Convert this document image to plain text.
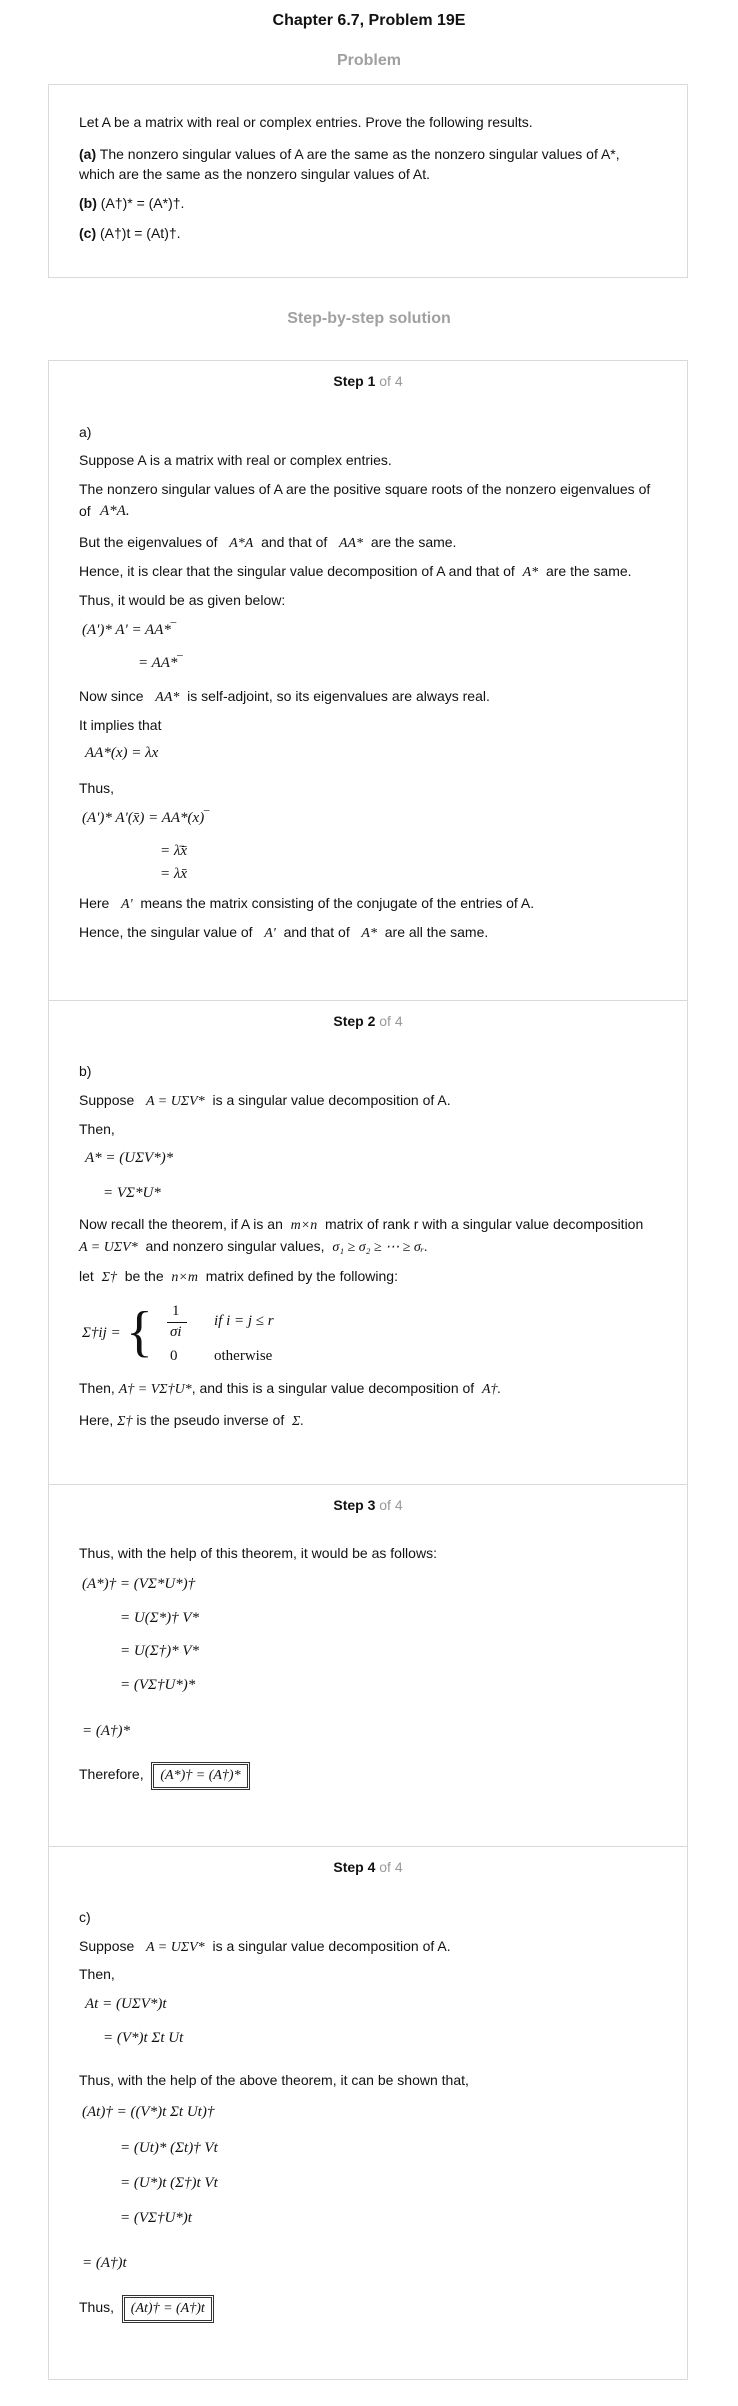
Chapter 6.7, Problem 19E
Problem
Let A be a matrix with real or complex entries. Prove the following results.
(a) The nonzero singular values of A are the same as the nonzero singular values of A*, which are the same as the nonzero singular values of At.
(b) (A†)* = (A*)†.
(c) (A†)t = (At)†.
Step-by-step solution
Step 1 of 4
a)
Suppose A is a matrix with real or complex entries.
The nonzero singular values of A are the positive square roots of the nonzero eigenvalues of
A*A.
of
But the eigenvalues of A*A and that of AA* are the same.
Hence, it is clear that the singular value decomposition of A and that of A* are the same.
Thus, it would be as given below:
(A')* A' = AA*‾
= AA*‾
Now since AA* is self-adjoint, so its eigenvalues are always real.
It implies that
AA*(x) = λx
Thus,
(A')* A'(x̄) = AA*(x)‾
= λ̄x̄
= λx̄
Here A' means the matrix consisting of the conjugate of the entries of A.
Hence, the singular value of A' and that of A* are all the same.
Step 2 of 4
b)
Suppose A = UΣV* is a singular value decomposition of A.
Then,
A* = (UΣV*)*
= VΣ*U*
Now recall the theorem, if A is an m×n matrix of rank r with a singular value decomposition
A = UΣV* and nonzero singular values, σ₁ ≥ σ₂ ≥ ⋯ ≥ σᵣ.
let Σ† be the n×m matrix defined by the following:
Σ†ij = { 1
σi
if i = j ≤ r
0 otherwise
Then, A† = VΣ†U*, and this is a singular value decomposition of A†.
Here, Σ† is the pseudo inverse of Σ.
Step 3 of 4
Thus, with the help of this theorem, it would be as follows:
(A*)† = (VΣ*U*)†
= U(Σ*)† V*
= U(Σ†)* V*
= (VΣ†U*)*
= (A†)*
Therefore, (A*)† = (A†)*
Step 4 of 4
c)
Suppose A = UΣV* is a singular value decomposition of A.
Then,
At = (UΣV*)t
= (V*)t Σt Ut
Thus, with the help of the above theorem, it can be shown that,
(At)† = ((V*)t Σt Ut)†
= (Ut)* (Σt)† Vt
= (U*)t (Σ†)t Vt
= (VΣ†U*)t
= (A†)t
Thus, (At)† = (A†)t
